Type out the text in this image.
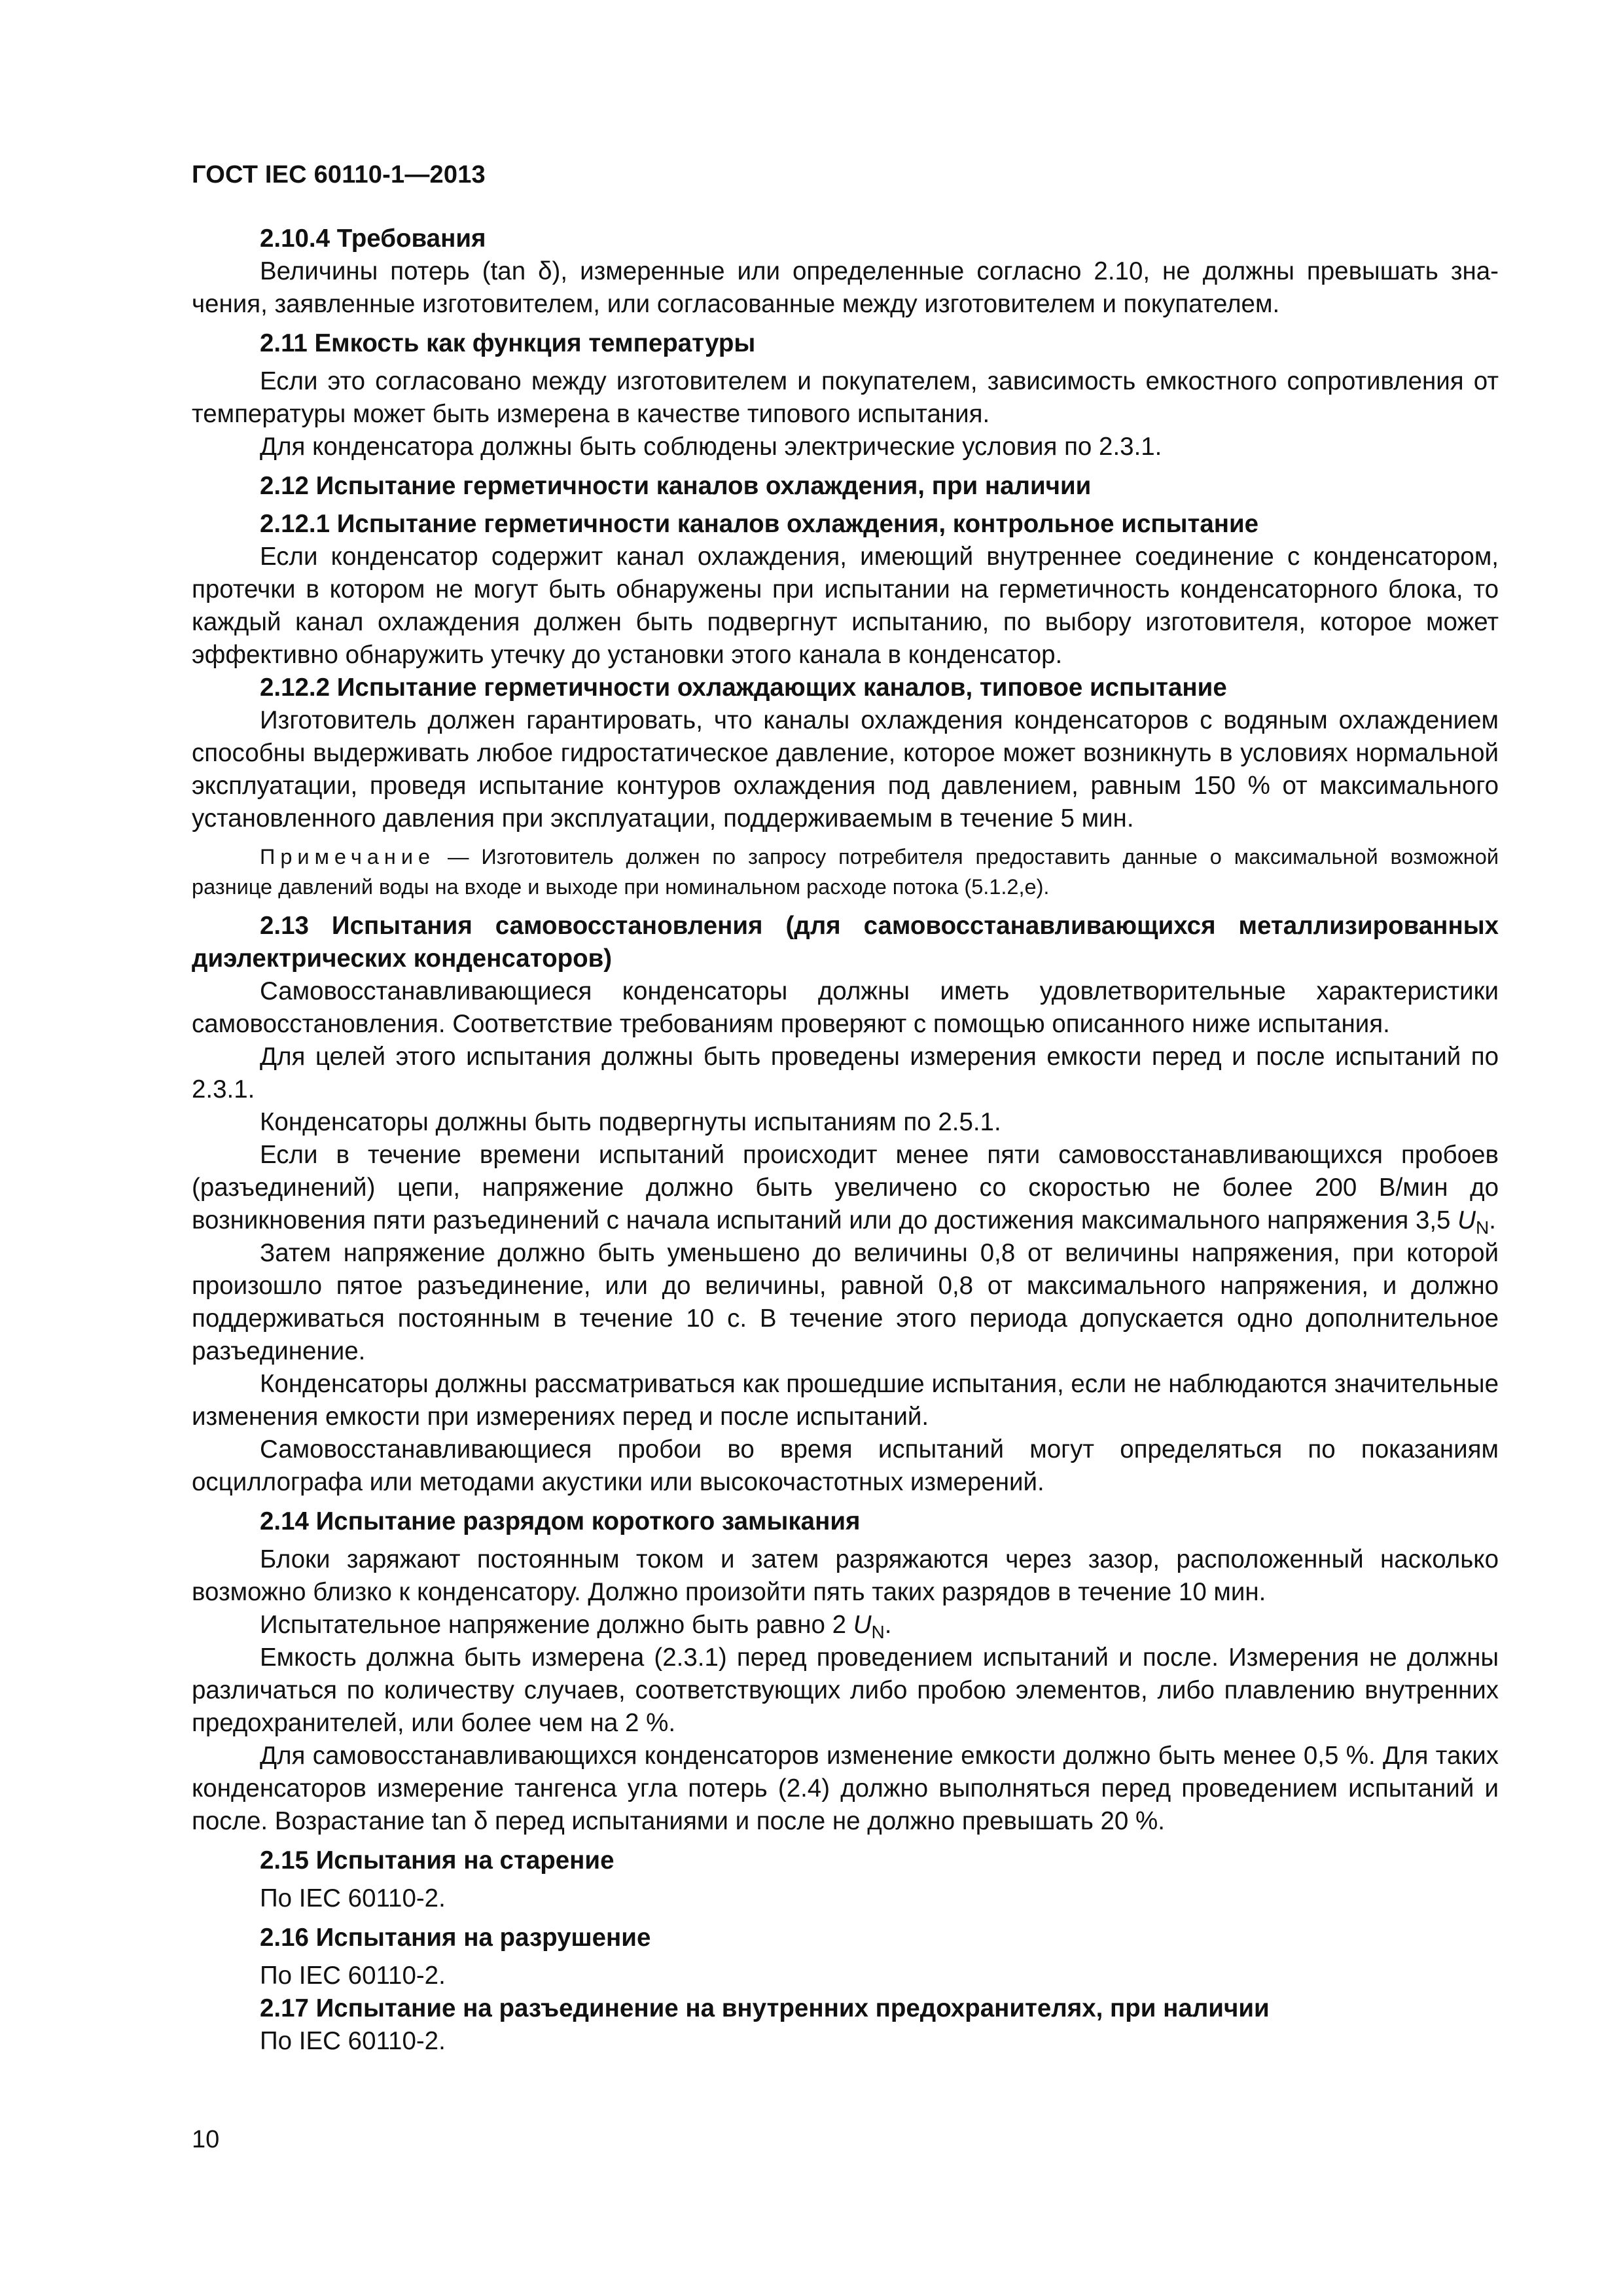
ГОСТ IEC 60110-1—2013
2.10.4 Требования

Величины потерь (tan δ), измеренные или определенные согласно 2.10, не должны превышать зна-

чения, заявленные изготовителем, или согласованные между изготовителем и покупателем.

2.11 Емкость как функция температуры

Если это согласовано между изготовителем и покупателем, зависимость емкостного сопротивления от температуры может быть измерена в качестве типового испытания.

Для конденсатора должны быть соблюдены электрические условия по 2.3.1.

2.12 Испытание герметичности каналов охлаждения, при наличии
2.12.1 Испытание герметичности каналов охлаждения, контрольное испытание

Если конденсатор содержит канал охлаждения, имеющий внутреннее соединение с конденсатором, протечки в котором не могут быть обнаружены при испытании на герметичность конденсаторного блока, то каждый канал охлаждения должен быть подвергнут испытанию, по выбору изготовителя, которое может эффективно обнаружить утечку до установки этого канала в конденсатор.

2.12.2 Испытание герметичности охлаждающих каналов, типовое испытание

Изготовитель должен гарантировать, что каналы охлаждения конденсаторов с водяным охлаждением способны выдерживать любое гидростатическое давление, которое может возникнуть в условиях нормальной эксплуатации, проведя испытание контуров охлаждения под давлением, равным 150 % от максимального установленного давления при эксплуатации, поддерживаемым в течение 5 мин.

Примечание — Изготовитель должен по запросу потребителя предоставить данные о максимальной возможной разнице давлений воды на входе и выходе при номинальном расходе потока (5.1.2,е).
2.13 Испытания самовосстановления (для самовосстанавливающихся металлизированных диэлектрических конденсаторов)

Самовосстанавливающиеся конденсаторы должны иметь удовлетворительные характеристики самовосстановления. Соответствие требованиям проверяют с помощью описанного ниже испытания.

Для целей этого испытания должны быть проведены измерения емкости перед и после испытаний по 2.3.1.

Конденсаторы должны быть подвергнуты испытаниям по 2.5.1.

Если в течение времени испытаний происходит менее пяти самовосстанавливающихся пробоев (разъединений) цепи, напряжение должно быть увеличено со скоростью не более 200 В/мин до возникновения пяти разъединений с начала испытаний или до достижения максимального напряжения 3,5 $U_N$.

Затем напряжение должно быть уменьшено до величины 0,8 от величины напряжения, при которой произошло пятое разъединение, или до величины, равной 0,8 от максимального напряжения, и должно поддерживаться постоянным в течение 10 с. В течение этого периода допускается одно дополнительное разъединение.

Конденсаторы должны рассматриваться как прошедшие испытания, если не наблюдаются значительные изменения емкости при измерениях перед и после испытаний.

Самовосстанавливающиеся пробои во время испытаний могут определяться по показаниям осциллографа или методами акустики или высокочастотных измерений.

2.14 Испытание разрядом короткого замыкания

Блоки заряжают постоянным током и затем разряжаются через зазор, расположенный насколько возможно близко к конденсатору. Должно произойти пять таких разрядов в течение 10 мин.

Испытательное напряжение должно быть равно 2 $U_N$.

Емкость должна быть измерена (2.3.1) перед проведением испытаний и после. Измерения не должны различаться по количеству случаев, соответствующих либо пробою элементов, либо плавлению внутренних предохранителей, или более чем на 2 %.

Для самовосстанавливающихся конденсаторов изменение емкости должно быть менее 0,5 %. Для таких конденсаторов измерение тангенса угла потерь (2.4) должно выполняться перед проведением испытаний и после. Возрастание tan δ перед испытаниями и после не должно превышать 20 %.

2.15 Испытания на старение

По IEC 60110-2.

2.16 Испытания на разрушение

По IEC 60110-2.

2.17 Испытание на разъединение на внутренних предохранителях, при наличии

По IEC 60110-2.

10
